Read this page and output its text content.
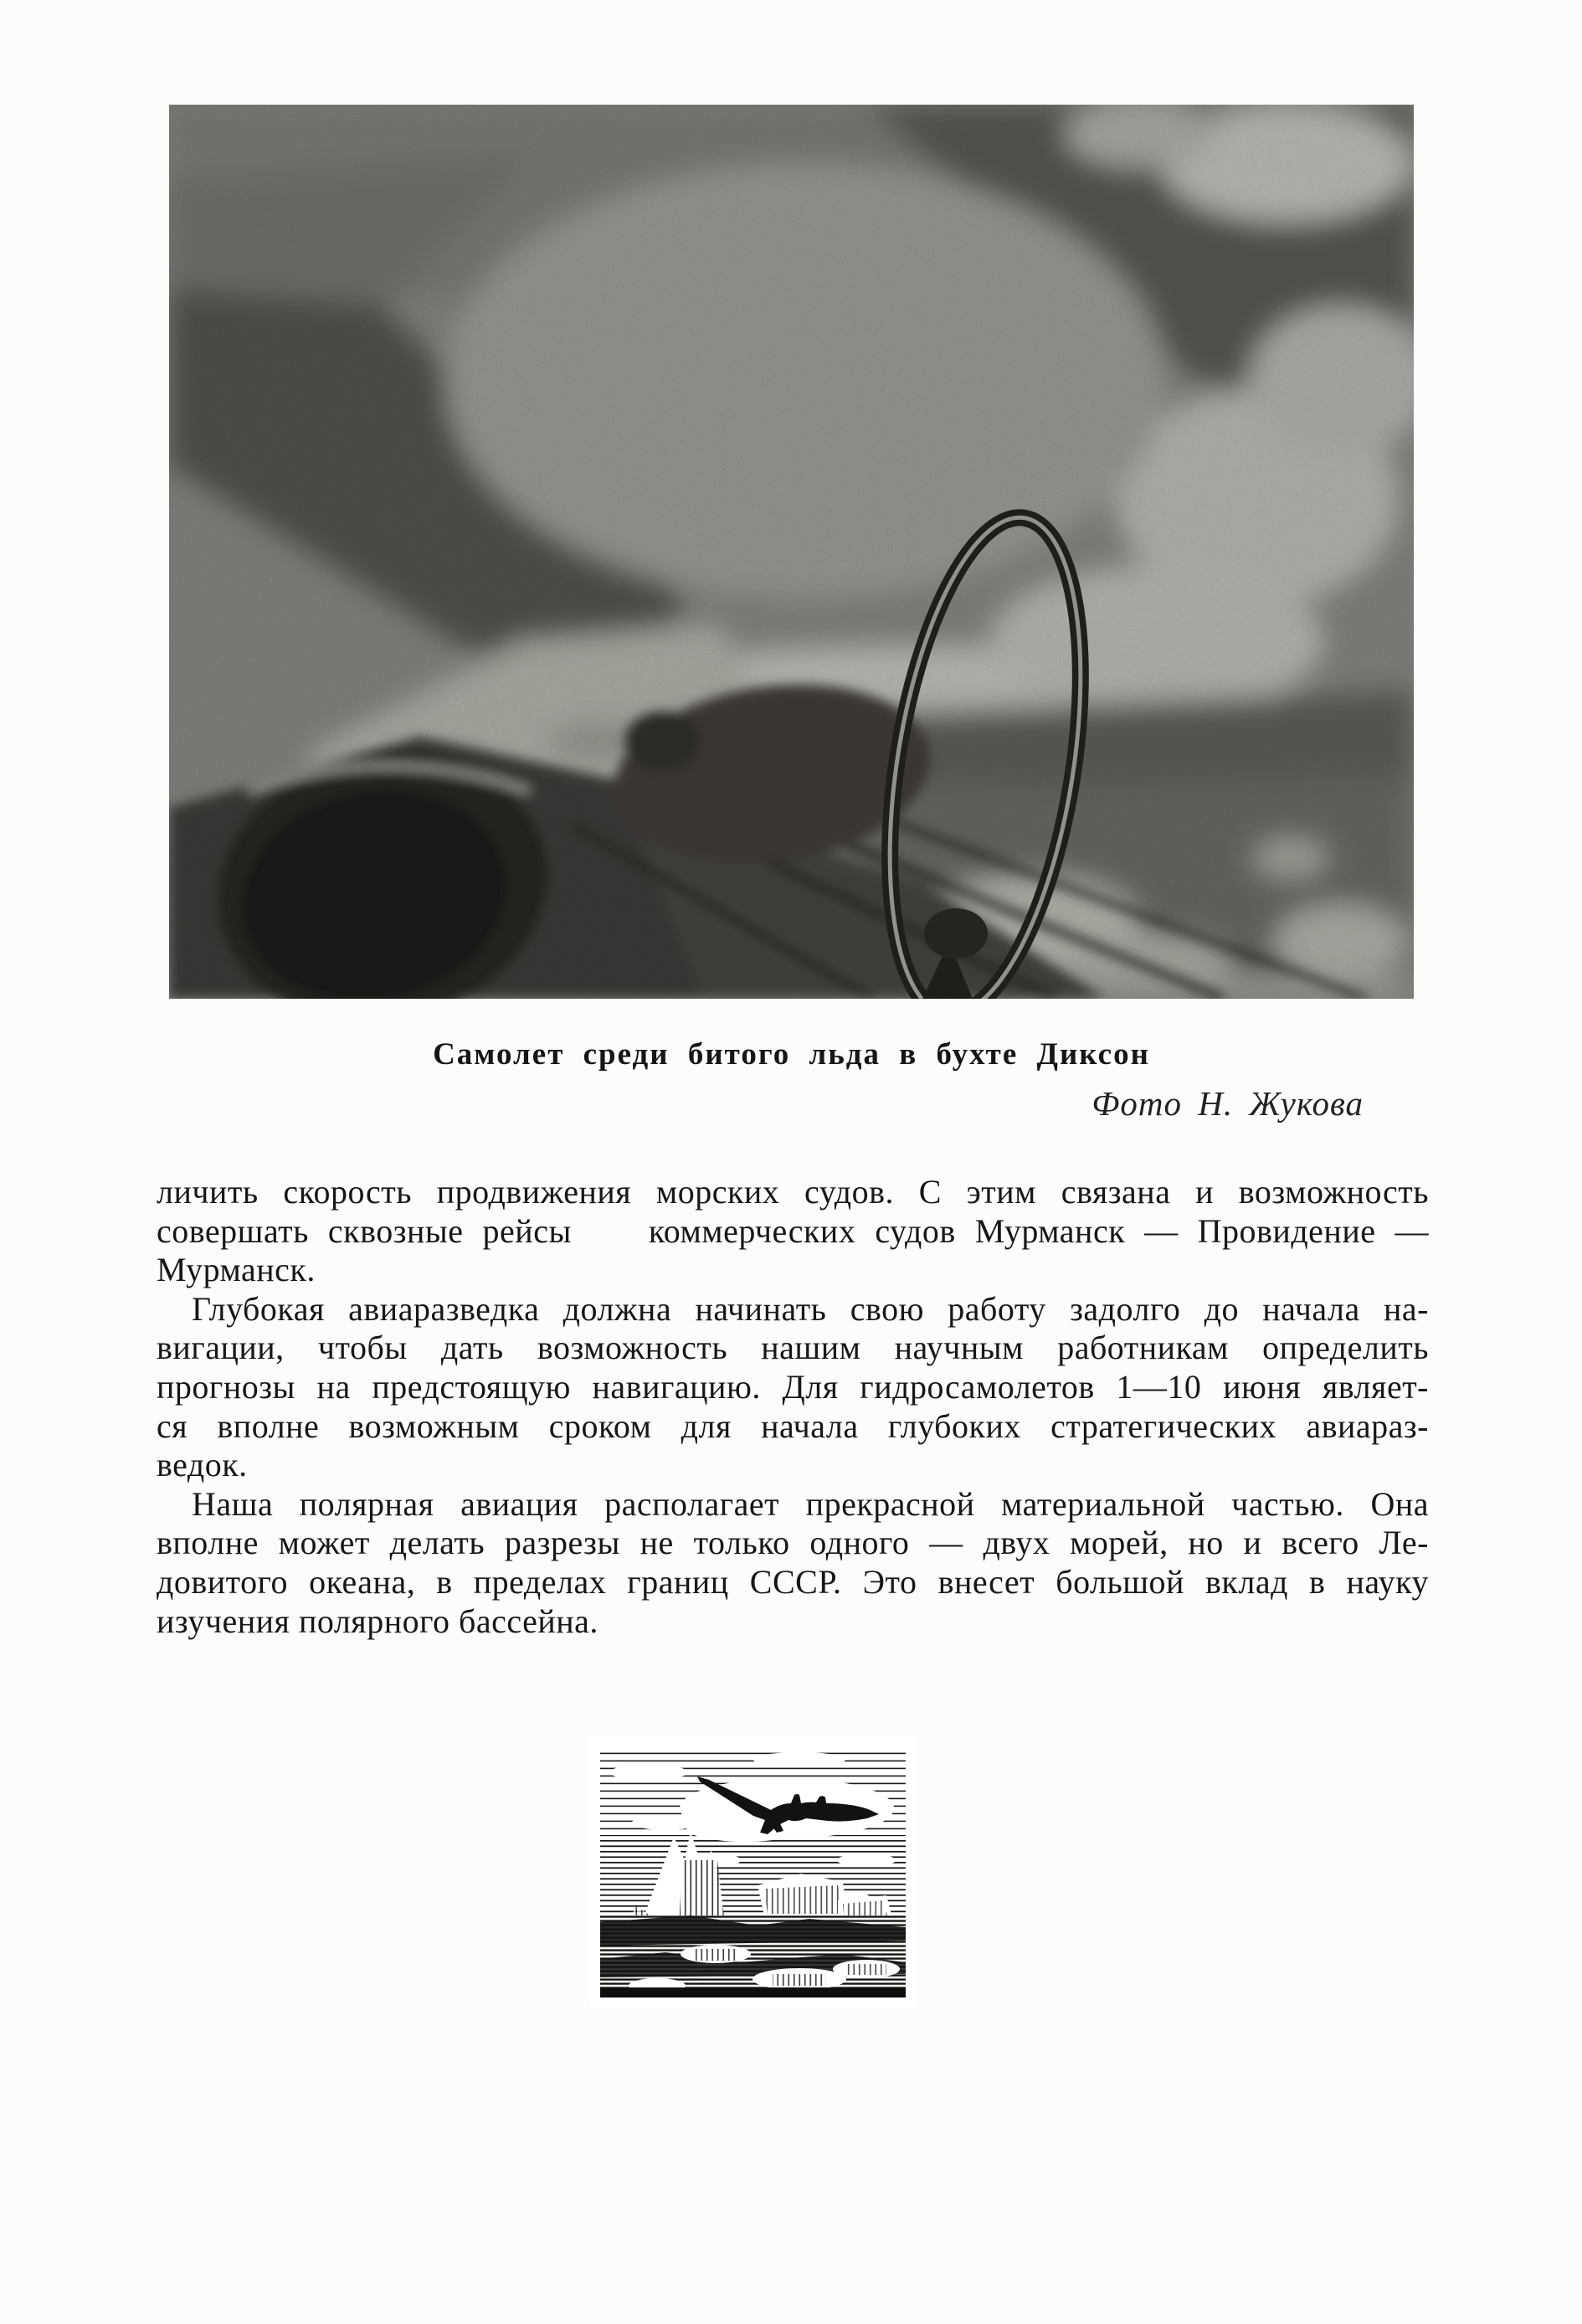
Самолет среди битого льда в бухте Диксон
Фото Н. Жукова
личить скорость продвижения морских судов. С этим связана и возможность
совершать сквозные рейсы    коммерческих судов Мурманск — Провидение —
Мурманск.
Глубокая авиаразведка должна начинать свою работу задолго до начала на-
вигации, чтобы дать возможность нашим научным работникам определить
прогнозы на предстоящую навигацию. Для гидросамолетов 1—10 июня являет-
ся вполне возможным сроком для начала глубоких стратегических авиараз-
ведок.
Наша полярная авиация располагает прекрасной материальной частью. Она
вполне может делать разрезы не только одного — двух морей, но и всего Ле-
довитого океана, в пределах границ СССР. Это внесет большой вклад в науку
изучения полярного бассейна.
